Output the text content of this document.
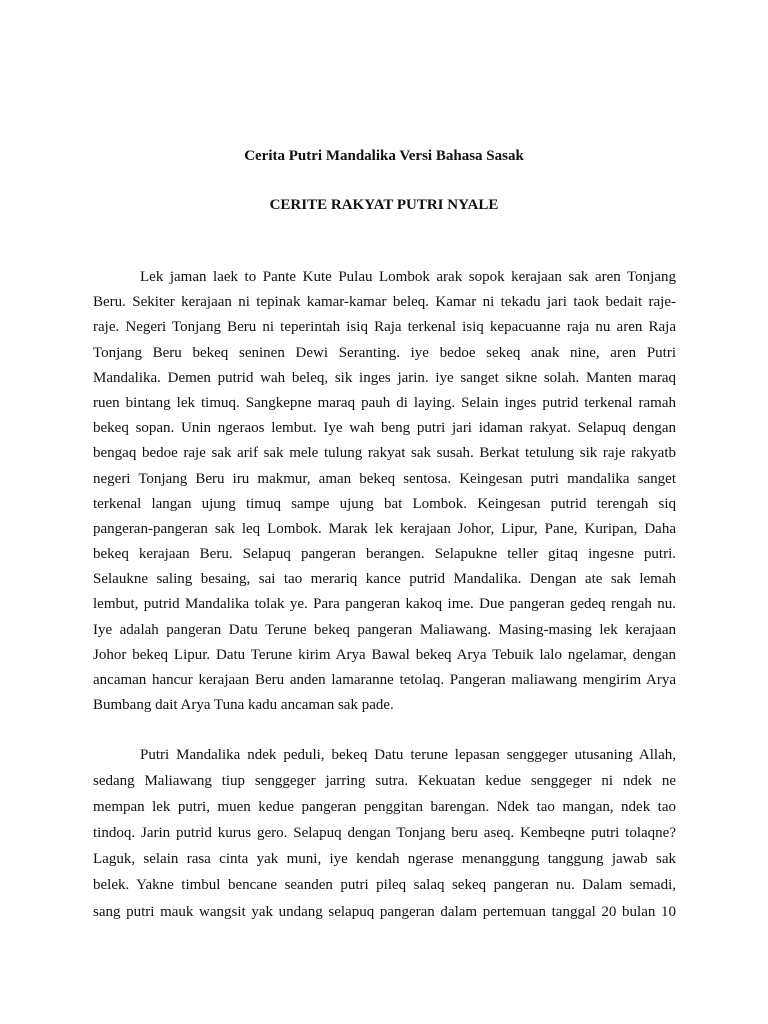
Cerita Putri Mandalika Versi Bahasa Sasak
CERITE RAKYAT PUTRI NYALE
Lek jaman laek to Pante Kute Pulau Lombok arak sopok kerajaan sak aren Tonjang
Beru. Sekiter kerajaan ni tepinak kamar-kamar beleq. Kamar ni tekadu jari taok bedait raje-
raje. Negeri Tonjang Beru ni teperintah isiq Raja terkenal isiq kepacuanne raja nu aren Raja
Tonjang Beru bekeq seninen Dewi Seranting. iye bedoe sekeq anak nine, aren Putri
Mandalika. Demen putrid wah beleq, sik inges jarin. iye sanget sikne solah. Manten maraq
ruen bintang lek timuq. Sangkepne maraq pauh di laying. Selain inges putrid terkenal ramah
bekeq sopan. Unin ngeraos lembut. Iye wah beng putri jari idaman rakyat. Selapuq dengan
bengaq bedoe raje sak arif sak mele tulung rakyat sak susah. Berkat tetulung sik raje rakyatb
negeri Tonjang Beru iru makmur, aman bekeq sentosa. Keingesan putri mandalika sanget
terkenal langan ujung timuq sampe ujung bat Lombok. Keingesan putrid terengah siq
pangeran-pangeran sak leq Lombok. Marak lek kerajaan Johor, Lipur, Pane, Kuripan, Daha
bekeq kerajaan Beru. Selapuq pangeran berangen. Selapukne teller gitaq ingesne putri.
Selaukne saling besaing, sai tao merariq kance putrid Mandalika. Dengan ate sak lemah
lembut, putrid Mandalika tolak ye. Para pangeran kakoq ime. Due pangeran gedeq rengah nu.
Iye adalah pangeran Datu Terune bekeq pangeran Maliawang. Masing-masing lek kerajaan
Johor bekeq Lipur. Datu Terune kirim Arya Bawal bekeq Arya Tebuik lalo ngelamar, dengan
ancaman hancur kerajaan Beru anden lamaranne tetolaq. Pangeran maliawang mengirim Arya
Bumbang dait Arya Tuna kadu ancaman sak pade.
Putri Mandalika ndek peduli, bekeq Datu terune lepasan senggeger utusaning Allah,
sedang Maliawang tiup senggeger jarring sutra. Kekuatan kedue senggeger ni ndek ne
mempan lek putri, muen kedue pangeran penggitan barengan. Ndek tao mangan, ndek tao
tindoq. Jarin putrid kurus gero. Selapuq dengan Tonjang beru aseq. Kembeqne putri tolaqne?
Laguk, selain rasa cinta yak muni, iye kendah ngerase menanggung tanggung jawab sak
belek. Yakne timbul bencane seanden putri pileq salaq sekeq pangeran nu. Dalam semadi,
sang putri mauk wangsit yak undang selapuq pangeran dalam pertemuan tanggal 20 bulan 10
